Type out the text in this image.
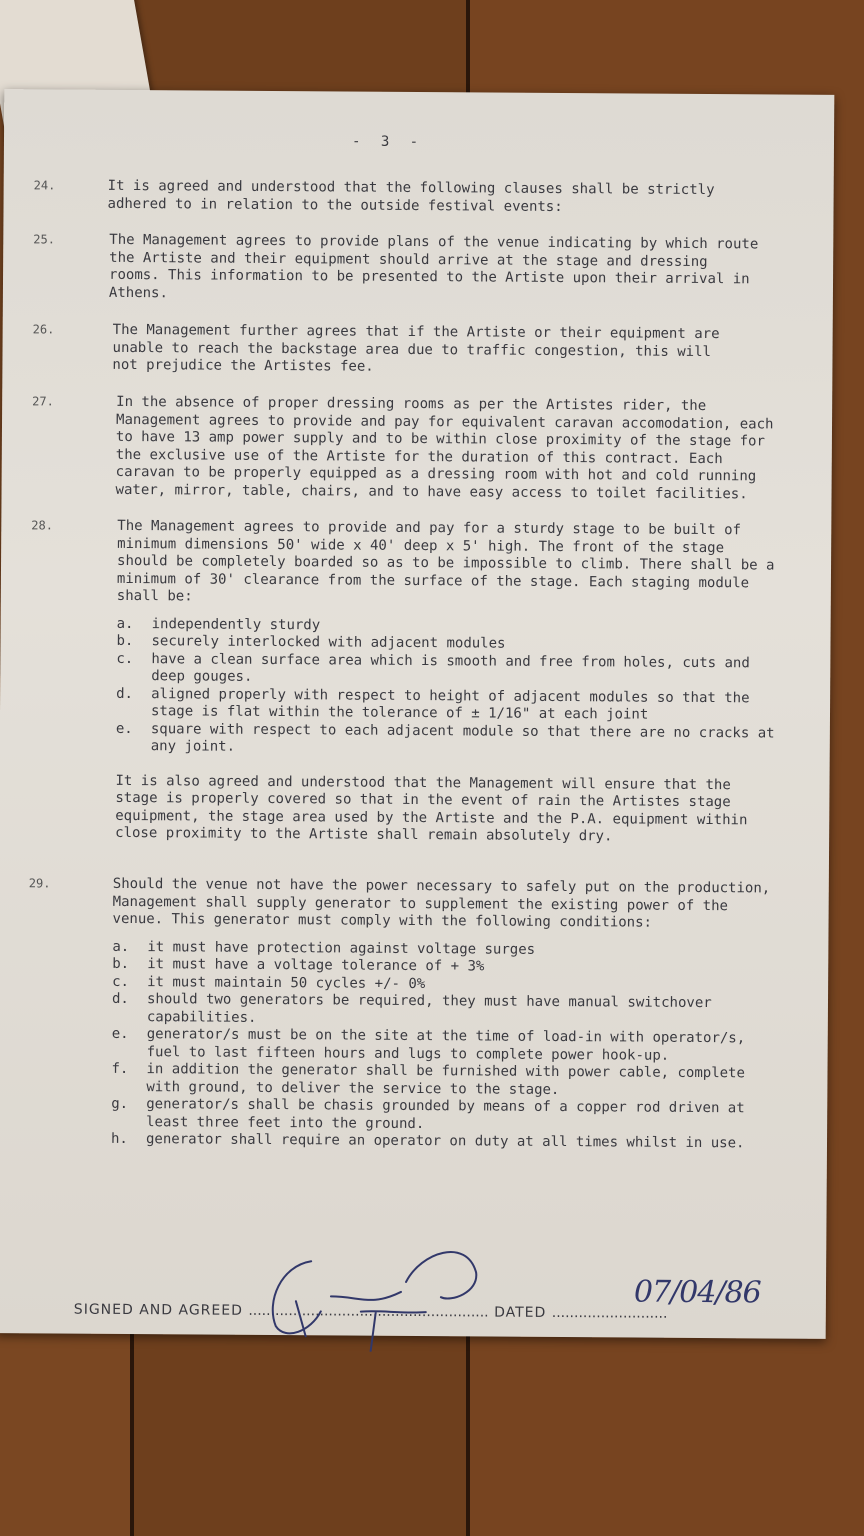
- 3 -
24.	It is agreed and understood that the following clauses shall be strictly adhered to in relation to the outside festival events:
25.	The Management agrees to provide plans of the venue indicating by which route the Artiste and their equipment should arrive at the stage and dressing rooms. This information to be presented to the Artiste upon their arrival in Athens.
26.	The Management further agrees that if the Artiste or their equipment are unable to reach the backstage area due to traffic congestion, this will not prejudice the Artistes fee.
27.	In the absence of proper dressing rooms as per the Artistes rider, the Management agrees to provide and pay for equivalent caravan accomodation, each to have 13 amp power supply and to be within close proximity of the stage for the exclusive use of the Artiste for the duration of this contract. Each caravan to be properly equipped as a dressing room with hot and cold running water, mirror, table, chairs, and to have easy access to toilet facilities.
28.	The Management agrees to provide and pay for a sturdy stage to be built of minimum dimensions 50' wide x 40' deep x 5' high. The front of the stage should be completely boarded so as to be impossible to climb. There shall be a minimum of 30' clearance from the surface of the stage. Each staging module shall be:
a. independently sturdy
b. securely interlocked with adjacent modules
c. have a clean surface area which is smooth and free from holes, cuts and deep gouges.
d. aligned properly with respect to height of adjacent modules so that the stage is flat within the tolerance of ± 1/16" at each joint
e. square with respect to each adjacent module so that there are no cracks at any joint.
It is also agreed and understood that the Management will ensure that the stage is properly covered so that in the event of rain the Artistes stage equipment, the stage area used by the Artiste and the P.A. equipment within close proximity to the Artiste shall remain absolutely dry.
29.	Should the venue not have the power necessary to safely put on the production, Management shall supply generator to supplement the existing power of the venue. This generator must comply with the following conditions:
a. it must have protection against voltage surges
b. it must have a voltage tolerance of + 3%
c. it must maintain 50 cycles +/- 0%
d. should two generators be required, they must have manual switchover capabilities.
e. generator/s must be on the site at the time of load-in with operator/s, fuel to last fifteen hours and lugs to complete power hook-up.
f. in addition the generator shall be furnished with power cable, complete with ground, to deliver the service to the stage.
g. generator/s shall be chasis grounded by means of a copper rod driven at least three feet into the ground.
h. generator shall require an operator on duty at all times whilst in use.
SIGNED AND AGREED ...................................................... DATED ..........................
07/04/86
